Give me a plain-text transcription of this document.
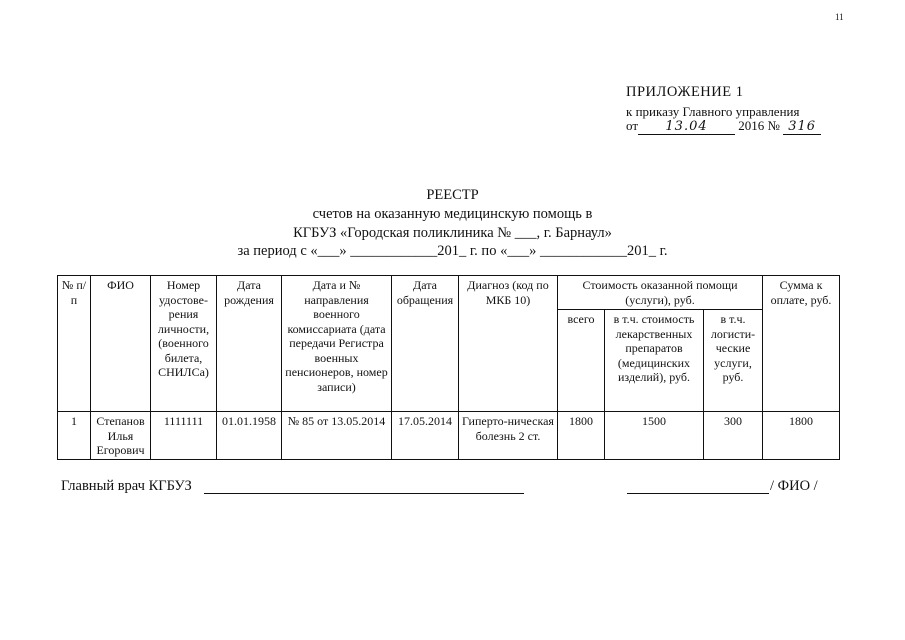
11
ПРИЛОЖЕНИЕ 1
к приказу Главного управления
от 13.04 2016 № 316
РЕЕСТР
счетов на оказанную медицинскую помощь в
КГБУЗ «Городская поликлиника № ___, г. Барнаул»
за период с «___» ____________201_ г. по «___» ____________201_ г.
№ п/п	ФИО	Номер удостове-рения личности, (военного билета, СНИЛСа)	Дата рождения	Дата и № направления военного комиссариата (дата передачи Регистра военных пенсионеров, номер записи)	Дата обращения	Диагноз (код по МКБ 10)	Стоимость оказанной помощи (услуги), руб.			Сумма к оплате, руб.
							всего	в т.ч. стоимость лекарственных препаратов (медицинских изделий), руб.	в т.ч. логисти-ческие услуги, руб.	
1	Степанов Илья Егорович	1111111	01.01.1958	№ 85 от 13.05.2014	17.05.2014	Гиперто-ническая болезнь 2 ст.	1800	1500	300	1800
Главный врач КГБУЗ	/ ФИО /
